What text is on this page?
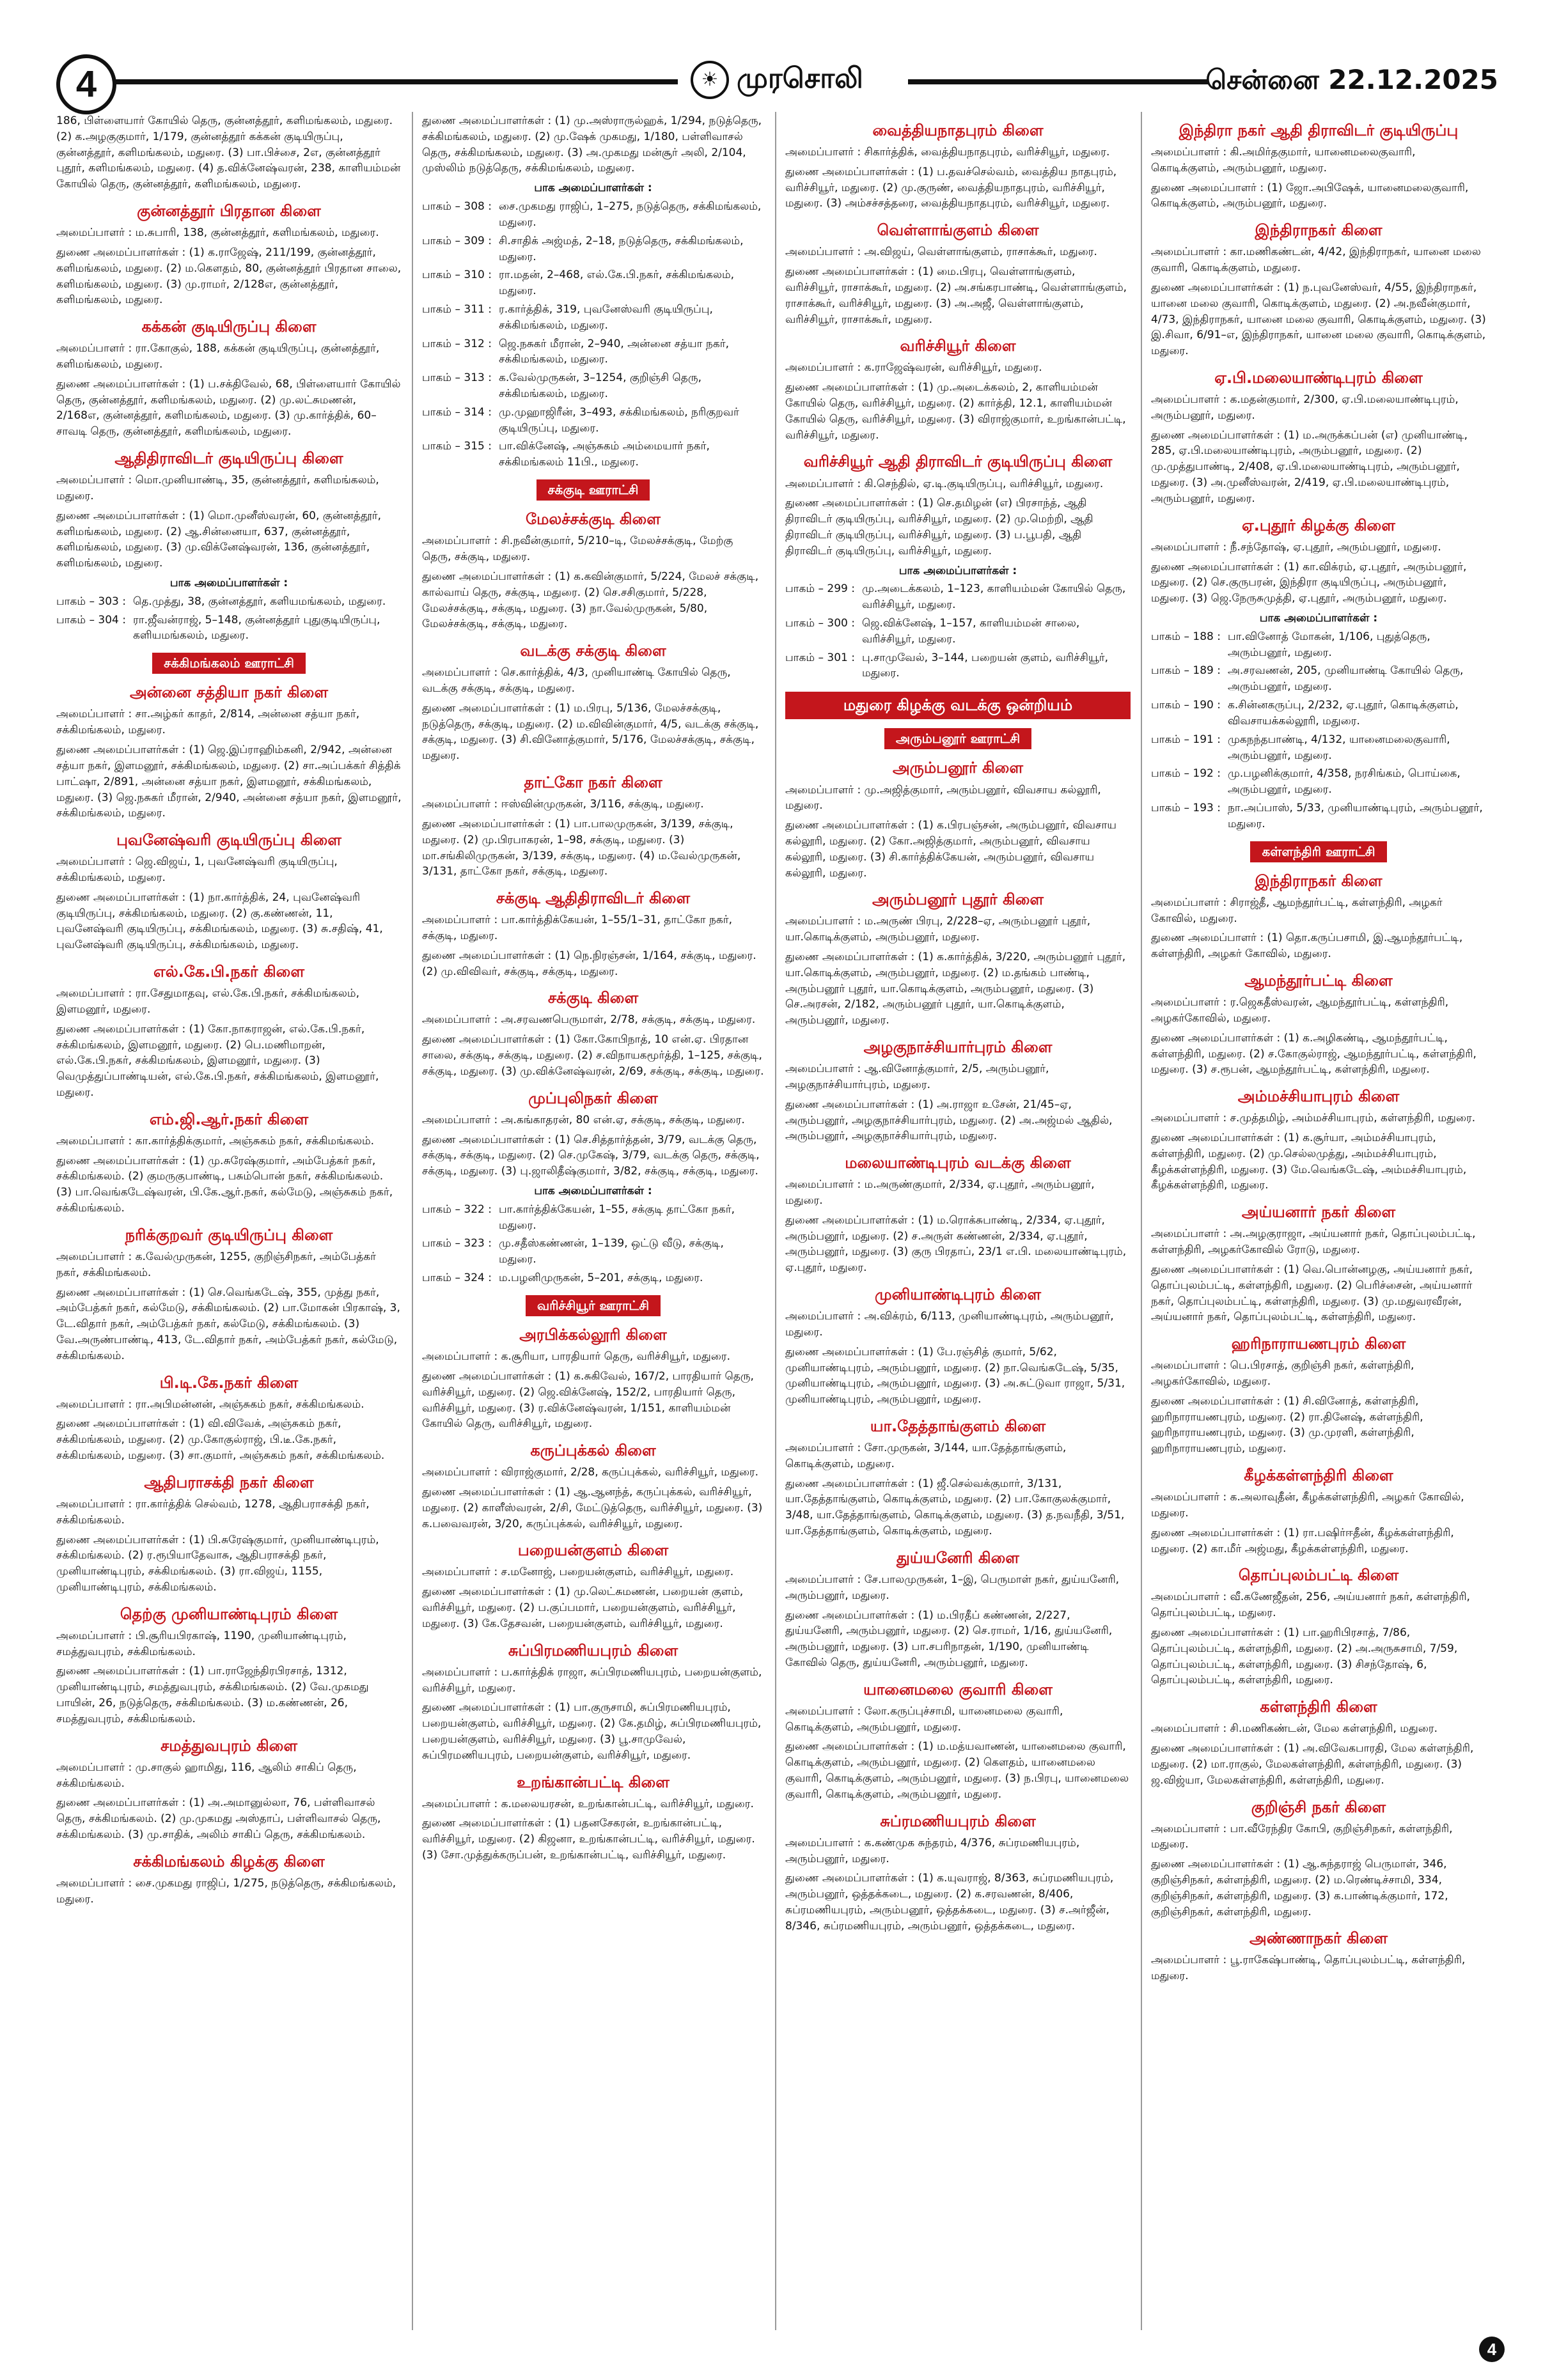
4	☀ முரசொலி	சென்னை 22.12.2025

186, பிள்ளையார் கோயில் தெரு, குன்னத்தூர், களிமங்கலம், மதுரை. (2) க.அழகுகுமார், 1/179, குன்னத்தூர் கக்கன் குடியிருப்பு, குன்னத்தூர், களிமங்கலம், மதுரை. (3) பா.பிச்சை, 2எ, குன்னத்தூர் புதூர், களிமங்கலம், மதுரை. (4) த.விக்னேஷ்வரன், 238, காளியம்மன் கோயில் தெரு, குன்னத்தூர், களிமங்கலம், மதுரை.

குன்னத்தூர் பிரதான கிளை

அமைப்பாளர் : ம.சுபாரி, 138, குன்னத்தூர், களிமங்கலம், மதுரை.

துணை அமைப்பாளர்கள் : (1) க.ராஜேஷ், 211/199, குன்னத்தூர், களிமங்கலம், மதுரை. (2) ம.கௌதம், 80, குன்னத்தூர் பிரதான சாலை, களிமங்கலம், மதுரை. (3) மு.ராமர், 2/128எ, குன்னத்தூர், களிமங்கலம், மதுரை.

கக்கன் குடியிருப்பு கிளை

அமைப்பாளர் : ரா.கோகுல், 188, கக்கன் குடியிருப்பு, குன்னத்தூர், களிமங்கலம், மதுரை.

துணை அமைப்பாளர்கள் : (1) ப.சக்திவேல், 68, பிள்ளையார் கோயில் தெரு, குன்னத்தூர், களிமங்கலம், மதுரை. (2) மு.லட்சுமணன், 2/168எ, குன்னத்தூர், களிமங்கலம், மதுரை. (3) மு.கார்த்திக், 60–சாவடி தெரு, குன்னத்தூர், களிமங்கலம், மதுரை.

ஆதிதிராவிடர் குடியிருப்பு கிளை

அமைப்பாளர் : மொ.முனியாண்டி, 35, குன்னத்தூர், களிமங்கலம், மதுரை.

துணை அமைப்பாளர்கள் : (1) மொ.முனீஸ்வரன், 60, குன்னத்தூர், களிமங்கலம், மதுரை. (2) ஆ.சின்னையா, 637, குன்னத்தூர், களிமங்கலம், மதுரை. (3) மு.விக்னேஷ்வரன், 136, குன்னத்தூர், களிமங்கலம், மதுரை.

பாக அமைப்பாளர்கள் :
பாகம் – 303 : தெ.முத்து, 38, குன்னத்தூர், களியமங்கலம், மதுரை.
பாகம் – 304 : ரா.ஜீவன்ராஜ், 5–148, குன்னத்தூர் புதுகுடியிருப்பு, களியமங்கலம், மதுரை.
சக்கிமங்கலம் ஊராட்சி
அன்னை சத்தியா நகர் கிளை

அமைப்பாளர் : சா.அழ்கர் காதர், 2/814, அன்னை சத்யா நகர், சக்கிமங்கலம், மதுரை.

துணை அமைப்பாளர்கள் : (1) ஜெ.இப்ராஹிம்கனி, 2/942, அன்னை சத்யா நகர், இளமனூர், சக்கிமங்கலம், மதுரை. (2) சா.அப்பக்கர் சித்திக் பாட்ஷா, 2/891, அன்னை சத்யா நகர், இளமனூர், சக்கிமங்கலம், மதுரை. (3) ஜெ.நசுகர் மீரான், 2/940, அன்னை சத்யா நகர், இளமனூர், சக்கிமங்கலம், மதுரை.

புவனேஷ்வரி குடியிருப்பு கிளை

அமைப்பாளர் : ஜெ.விஜய், 1, புவனேஷ்வரி குடியிருப்பு, சக்கிமங்கலம், மதுரை.

துணை அமைப்பாளர்கள் : (1) நா.கார்த்திக், 24, புவனேஷ்வரி குடியிருப்பு, சக்கிமங்கலம், மதுரை. (2) கு.கண்ணன், 11, புவனேஷ்வரி குடியிருப்பு, சக்கிமங்கலம், மதுரை. (3) சு.சதிஷ், 41, புவனேஷ்வரி குடியிருப்பு, சக்கிமங்கலம், மதுரை.

எல்.கே.பி.நகர் கிளை

அமைப்பாளர் : ரா.சேதுமாதவு, எல்.கே.பி.நகர், சக்கிமங்கலம், இளமனூர், மதுரை.

துணை அமைப்பாளர்கள் : (1) கோ.நாகராஜன், எல்.கே.பி.நகர், சக்கிமங்கலம், இளமனூர், மதுரை. (2) பெ.மணிமாறன், எல்.கே.பி.நகர், சக்கிமங்கலம், இளமனூர், மதுரை. (3) வெமுத்துப்பாண்டியன், எல்.கே.பி.நகர், சக்கிமங்கலம், இளமனூர், மதுரை.

எம்.ஜி.ஆர்.நகர் கிளை

அமைப்பாளர் : கா.கார்த்திக்குமார், அஞ்சுகம் நகர், சக்கிமங்கலம்.

துணை அமைப்பாளர்கள் : (1) மு.சுரேஷ்குமார், அம்பேத்கர் நகர், சக்கிமங்கலம். (2) குமருகுபாண்டி, பசும்பொன் நகர், சக்கிமங்கலம். (3) பா.வெங்கடேஷ்வரன், பி.கே.ஆர்.நகர், கல்மேடு, அஞ்சுகம் நகர், சக்கிமங்கலம்.

நரிக்குறவர் குடியிருப்பு கிளை

அமைப்பாளர் : க.வேல்முருகன், 1255, குறிஞ்சிநகர், அம்பேத்கர் நகர், சக்கிமங்கலம்.

துணை அமைப்பாளர்கள் : (1) செ.வெங்கடேஷ், 355, முத்து நகர், அம்பேத்கர் நகர், கல்மேடு, சக்கிமங்கலம். (2) பா.மோகன் பிரகாஷ், 3, டே.விதார் நகர், அம்பேத்கர் நகர், கல்மேடு, சக்கிமங்கலம். (3) வே.அருண்பாண்டி, 413, டே.விதார் நகர், அம்பேத்கர் நகர், கல்மேடு, சக்கிமங்கலம்.

பி.டி.கே.நகர் கிளை

அமைப்பாளர் : ரா.அபிமன்னன், அஞ்சுகம் நகர், சக்கிமங்கலம்.

துணை அமைப்பாளர்கள் : (1) வி.விவேக், அஞ்சுகம் நகர், சக்கிமங்கலம், மதுரை. (2) மு.கோகுல்ராஜ், பி.டீ.கே.நகர், சக்கிமங்கலம், மதுரை. (3) சா.குமார், அஞ்சுகம் நகர், சக்கிமங்கலம்.

ஆதிபராசக்தி நகர் கிளை

அமைப்பாளர் : ரா.கார்த்திக் செல்வம், 1278, ஆதிபராசக்தி நகர், சக்கிமங்கலம்.

துணை அமைப்பாளர்கள் : (1) பி.சுரேஷ்குமார், முனியாண்டிபுரம், சக்கிமங்கலம். (2) ர.ரூபியாதேவாசு, ஆதிபராசக்தி நகர், முனியாண்டிபுரம், சக்கிமங்கலம். (3) ரா.விஜய், 1155, முனியாண்டிபுரம், சக்கிமங்கலம்.

தெற்கு முனியாண்டிபுரம் கிளை

அமைப்பாளர் : பி.சூரியபிரகாஷ், 1190, முனியாண்டிபுரம், சமத்துவபுரம், சக்கிமங்கலம்.

துணை அமைப்பாளர்கள் : (1) பா.ராஜேந்திரபிரசாத், 1312, முனியாண்டிபுரம், சமத்துவபுரம், சக்கிமங்கலம். (2) வே.முகமது பாயின், 26, நடுத்தெரு, சக்கிமங்கலம். (3) ம.கண்ணன், 26, சமத்துவபுரம், சக்கிமங்கலம்.

சமத்துவபுரம் கிளை

அமைப்பாளர் : மு.சாகுல் ஹாமிது, 116, ஆலிம் சாகிப் தெரு, சக்கிமங்கலம்.

துணை அமைப்பாளர்கள் : (1) அ.அமானுல்லா, 76, பள்ளிவாசல் தெரு, சக்கிமங்கலம். (2) மு.முகமது அஸ்தாப், பள்ளிவாசல் தெரு, சக்கிமங்கலம். (3) மு.சாதிக், அலிம் சாகிப் தெரு, சக்கிமங்கலம்.

சக்கிமங்கலம் கிழக்கு கிளை

அமைப்பாளர் : சை.முகமது ராஜிப், 1/275, நடுத்தெரு, சக்கிமங்கலம், மதுரை.

துணை அமைப்பாளர்கள் : (1) மு.அஸ்ராருல்ஹக், 1/294, நடுத்தெரு, சக்கிமங்கலம், மதுரை. (2) மு.ஷேக் முகமது, 1/180, பள்ளிவாசல் தெரு, சக்கிமங்கலம், மதுரை. (3) அ.முகமது மன்சூர் அலி, 2/104, முஸ்லிம் நடுத்தெரு, சக்கிமங்கலம், மதுரை.

பாக அமைப்பாளர்கள் :
பாகம் – 308 : சை.முகமது ராஜிப், 1–275, நடுத்தெரு, சக்கிமங்கலம், மதுரை.
பாகம் – 309 : சி.சாதிக் அஜ்மத், 2–18, நடுத்தெரு, சக்கிமங்கலம், மதுரை.
பாகம் – 310 : ரா.மதன், 2–468, எல்.கே.பி.நகர், சக்கிமங்கலம், மதுரை.
பாகம் – 311 : ர.கார்த்திக், 319, புவனேஸ்வரி குடியிருப்பு, சக்கிமங்கலம், மதுரை.
பாகம் – 312 : ஜெ.நசுகர் மீரான், 2–940, அன்னை சத்யா நகர், சக்கிமங்கலம், மதுரை.
பாகம் – 313 : க.வேல்முருகன், 3–1254, குறிஞ்சி தெரு, சக்கிமங்கலம், மதுரை.
பாகம் – 314 : மு.முஹாஜிரீன், 3–493, சக்கிமங்கலம், நரிகுறவர் குடியிருப்பு, மதுரை.
பாகம் – 315 : பா.விக்னேஷ், அஞ்சுகம் அம்மையார் நகர், சக்கிமங்கலம் 11பி., மதுரை.
சக்குடி ஊராட்சி
மேலச்சக்குடி கிளை

அமைப்பாளர் : சி.நவீன்குமார், 5/210–டி, மேலச்சக்குடி, மேற்கு தெரு, சக்குடி, மதுரை.

துணை அமைப்பாளர்கள் : (1) க.கவின்குமார், 5/224, மேலச் சக்குடி, கால்வாய் தெரு, சக்குடி, மதுரை. (2) செ.சசிகுமார், 5/228, மேலச்சக்குடி, சக்குடி, மதுரை. (3) நா.வேல்முருகன், 5/80, மேலச்சக்குடி, சக்குடி, மதுரை.

வடக்கு சக்குடி கிளை

அமைப்பாளர் : செ.கார்த்திக், 4/3, முனியாண்டி கோயில் தெரு, வடக்கு சக்குடி, சக்குடி, மதுரை.

துணை அமைப்பாளர்கள் : (1) ம.பிரபு, 5/136, மேலச்சக்குடி, நடுத்தெரு, சக்குடி, மதுரை. (2) ம.விவின்குமார், 4/5, வடக்கு சக்குடி, சக்குடி, மதுரை. (3) சி.வினோத்குமார், 5/176, மேலச்சக்குடி, சக்குடி, மதுரை.

தாட்கோ நகர் கிளை

அமைப்பாளர் : ஈஸ்வின்முருகன், 3/116, சக்குடி, மதுரை.

துணை அமைப்பாளர்கள் : (1) பா.பாலமுருகன், 3/139, சக்குடி, மதுரை. (2) மு.பிரபாகரன், 1–98, சக்குடி, மதுரை. (3) மா.சங்கிலிமுருகன், 3/139, சக்குடி, மதுரை. (4) ம.வேல்முருகன், 3/131, தாட்கோ நகர், சக்குடி, மதுரை.

சக்குடி ஆதிதிராவிடர் கிளை

அமைப்பாளர் : பா.கார்த்திக்கேயன், 1–55/1–31, தாட்கோ நகர், சக்குடி, மதுரை.

துணை அமைப்பாளர்கள் : (1) நெ.நிரஞ்சன், 1/164, சக்குடி, மதுரை. (2) மு.விவிவர், சக்குடி, சக்குடி, மதுரை.

சக்குடி கிளை

அமைப்பாளர் : அ.சரவணபெருமாள், 2/78, சக்குடி, சக்குடி, மதுரை.

துணை அமைப்பாளர்கள் : (1) கோ.கோபிநாத், 10 என்.ஏ. பிரதான சாலை, சக்குடி, சக்குடி, மதுரை. (2) ச.விநாயகமூர்த்தி, 1–125, சக்குடி, சக்குடி, மதுரை. (3) மு.விக்னேஷ்வரன், 2/69, சக்குடி, சக்குடி, மதுரை.

முப்புலிநகர் கிளை

அமைப்பாளர் : அ.கங்காதரன், 80 என்.ஏ, சக்குடி, சக்குடி, மதுரை.

துணை அமைப்பாளர்கள் : (1) செ.சித்தார்த்தன், 3/79, வடக்கு தெரு, சக்குடி, சக்குடி, மதுரை. (2) செ.முகேஷ், 3/79, வடக்கு தெரு, சக்குடி, சக்குடி, மதுரை. (3) பு.ஜாலிதீஷ்குமார், 3/82, சக்குடி, சக்குடி, மதுரை.

பாக அமைப்பாளர்கள் :
பாகம் – 322 : பா.கார்த்திக்கேயன், 1–55, சக்குடி தாட்கோ நகர், மதுரை.
பாகம் – 323 : மு.சதீஸ்கண்ணன், 1–139, ஒட்டு வீடு, சக்குடி, மதுரை.
பாகம் – 324 : ம.பழனிமுருகன், 5–201, சக்குடி, மதுரை.
வரிச்சியூர் ஊராட்சி
அரபிக்கல்லூரி கிளை

அமைப்பாளர் : க.சூரியா, பாரதியார் தெரு, வரிச்சியூர், மதுரை.

துணை அமைப்பாளர்கள் : (1) க.சுகிவேல், 167/2, பாரதியார் தெரு, வரிச்சியூர், மதுரை. (2) ஜெ.விக்னேஷ், 152/2, பாரதியார் தெரு, வரிச்சியூர், மதுரை. (3) ர.விக்னேஷ்வரன், 1/151, காளியம்மன் கோயில் தெரு, வரிச்சியூர், மதுரை.

கருப்புக்கல் கிளை

அமைப்பாளர் : விராஜ்குமார், 2/28, கருப்புக்கல், வரிச்சியூர், மதுரை.

துணை அமைப்பாளர்கள் : (1) ஆ.ஆனந்த், கருப்புக்கல், வரிச்சியூர், மதுரை. (2) காளீஸ்வரன், 2/சி, மேட்டுத்தெரு, வரிச்சியூர், மதுரை. (3) க.பவைவரன், 3/20, கருப்புக்கல், வரிச்சியூர், மதுரை.

பறையன்குளம் கிளை

அமைப்பாளர் : ச.மனோஜ், பறையன்குளம், வரிச்சியூர், மதுரை.

துணை அமைப்பாளர்கள் : (1) மு.லெட்சுமணன், பறையன் குளம், வரிச்சியூர், மதுரை. (2) ப.குப்பமார், பறையன்குளம், வரிச்சியூர், மதுரை. (3) கே.தேசவன், பறையன்குளம், வரிச்சியூர், மதுரை.

சுப்பிரமணியபுரம் கிளை

அமைப்பாளர் : ப.கார்த்திக் ராஜா, சுப்பிரமணியபுரம், பறையன்குளம், வரிச்சியூர், மதுரை.

துணை அமைப்பாளர்கள் : (1) பா.குருசாமி, சுப்பிரமணியபுரம், பறையன்குளம், வரிச்சியூர், மதுரை. (2) கே.தமிழ், சுப்பிரமணியபுரம், பறையன்குளம், வரிச்சியூர், மதுரை. (3) பூ.சாமுவேல், சுப்பிரமணியபுரம், பறையன்குளம், வரிச்சியூர், மதுரை.

உறங்கான்பட்டி கிளை

அமைப்பாளர் : க.மலையரசன், உறங்கான்பட்டி, வரிச்சியூர், மதுரை.

துணை அமைப்பாளர்கள் : (1) பதனசேகரன், உறங்கான்பட்டி, வரிச்சியூர், மதுரை. (2) கிஜனா, உறங்கான்பட்டி, வரிச்சியூர், மதுரை. (3) சோ.முத்துக்கருப்பன், உறங்கான்பட்டி, வரிச்சியூர், மதுரை.

வைத்தியநாதபுரம் கிளை

அமைப்பாளர் : சிகார்த்திக், வைத்தியநாதபுரம், வரிச்சியூர், மதுரை.

துணை அமைப்பாளர்கள் : (1) ப.தவச்செல்வம், வைத்திய நாதபுரம், வரிச்சியூர், மதுரை. (2) மு.குருண், வைத்தியநாதபுரம், வரிச்சியூர், மதுரை. (3) அம்சச்சத்தரை, வைத்தியநாதபுரம், வரிச்சியூர், மதுரை.

வெள்ளாங்குளம் கிளை

அமைப்பாளர் : அ.விஜய், வெள்ளாங்குளம், ராசாக்கூர், மதுரை.

துணை அமைப்பாளர்கள் : (1) மை.பிரபு, வெள்ளாங்குளம், வரிச்சியூர், ராசாக்கூர், மதுரை. (2) அ.சங்கரபாண்டி, வெள்ளாங்குளம், ராசாக்கூர், வரிச்சியூர், மதுரை. (3) அ.அஜீ, வெள்ளாங்குளம், வரிச்சியூர், ராசாக்கூர், மதுரை.

வரிச்சியூர் கிளை

அமைப்பாளர் : க.ராஜேஷ்வரன், வரிச்சியூர், மதுரை.

துணை அமைப்பாளர்கள் : (1) மு.அடைக்கலம், 2, காளியம்மன் கோயில் தெரு, வரிச்சியூர், மதுரை. (2) கார்த்தி, 12.1, காளியம்மன் கோயில் தெரு, வரிச்சியூர், மதுரை. (3) விராஜ்குமார், உறங்கான்பட்டி, வரிச்சியூர், மதுரை.

வரிச்சியூர் ஆதி திராவிடர் குடியிருப்பு கிளை

அமைப்பாளர் : கி.செந்தில், ஏ.டி.குடியிருப்பு, வரிச்சியூர், மதுரை.

துணை அமைப்பாளர்கள் : (1) செ.தமிழன் (எ) பிரசாந்த், ஆதி திராவிடர் குடியிருப்பு, வரிச்சியூர், மதுரை. (2) மு.மெற்றி, ஆதி திராவிடர் குடியிருப்பு, வரிச்சியூர், மதுரை. (3) ப.பூபதி, ஆதி திராவிடர் குடியிருப்பு, வரிச்சியூர், மதுரை.

பாக அமைப்பாளர்கள் :
பாகம் – 299 : மு.அடைக்கலம், 1–123, காளியம்மன் கோயில் தெரு, வரிச்சியூர், மதுரை.
பாகம் – 300 : ஜெ.விக்னேஷ், 1–157, காளியம்மன் சாலை, வரிச்சியூர், மதுரை.
பாகம் – 301 : பு.சாமுவேல், 3–144, பறையன் குளம், வரிச்சியூர், மதுரை.
மதுரை கிழக்கு வடக்கு ஒன்றியம்
அரும்பனூர் ஊராட்சி
அரும்பனூர் கிளை

அமைப்பாளர் : மு.அஜித்குமார், அரும்பனூர், விவசாய கல்லூரி, மதுரை.

துணை அமைப்பாளர்கள் : (1) க.பிரபஞ்சன், அரும்பனூர், விவசாய கல்லூரி, மதுரை. (2) கோ.அஜித்குமார், அரும்பனூர், விவசாய கல்லூரி, மதுரை. (3) சி.கார்த்திக்கேயன், அரும்பனூர், விவசாய கல்லூரி, மதுரை.

அரும்பனூர் புதூர் கிளை

அமைப்பாளர் : ம.அருண் பிரபு, 2/228–ஏ, அரும்பனூர் புதூர், யா.கொடிக்குளம், அரும்பனூர், மதுரை.

துணை அமைப்பாளர்கள் : (1) க.கார்த்திக், 3/220, அரும்பனூர் புதூர், யா.கொடிக்குளம், அரும்பனூர், மதுரை. (2) ம.தங்கம் பாண்டி, அரும்பனூர் புதூர், யா.கொடிக்குளம், அரும்பனூர், மதுரை. (3) செ.அரசன், 2/182, அரும்பனூர் புதூர், யா.கொடிக்குளம், அரும்பனூர், மதுரை.

அழகுநாச்சியார்புரம் கிளை

அமைப்பாளர் : ஆ.வினோத்குமார், 2/5, அரும்பனூர், அழகுநாச்சியார்புரம், மதுரை.

துணை அமைப்பாளர்கள் : (1) அ.ராஜா உசேன், 21/45–ஏ, அரும்பனூர், அழகுநாச்சியார்புரம், மதுரை. (2) அ.அஜ்மல் ஆதில், அரும்பனூர், அழகுநாச்சியார்புரம், மதுரை.

மலையாண்டிபுரம் வடக்கு கிளை

அமைப்பாளர் : ம.அருண்குமார், 2/334, ஏ.புதூர், அரும்பனூர், மதுரை.

துணை அமைப்பாளர்கள் : (1) ம.ரொக்சுபாண்டி, 2/334, ஏ.புதூர், அரும்பனூர், மதுரை. (2) ச.அருள் கண்ணன், 2/334, ஏ.புதூர், அரும்பனூர், மதுரை. (3) குரு பிரதாப், 23/1 எ.பி. மலையாண்டிபுரம், ஏ.புதூர், மதுரை.

முனியாண்டிபுரம் கிளை

அமைப்பாளர் : அ.விக்ரம், 6/113, முனியாண்டிபுரம், அரும்பனூர், மதுரை.

துணை அமைப்பாளர்கள் : (1) பே.ரஞ்சித் குமார், 5/62, முனியாண்டிபுரம், அரும்பனூர், மதுரை. (2) நா.வெங்கடேஷ், 5/35, முனியாண்டிபுரம், அரும்பனூர், மதுரை. (3) அ.சுட்டுவா ராஜா, 5/31, முனியாண்டிபுரம், அரும்பனூர், மதுரை.

யா.தேத்தாங்குளம் கிளை

அமைப்பாளர் : சோ.முருகன், 3/144, யா.தேத்தாங்குளம், கொடிக்குளம், மதுரை.

துணை அமைப்பாளர்கள் : (1) ஜீ.செல்வக்குமார், 3/131, யா.தேத்தாங்குளம், கொடிக்குளம், மதுரை. (2) பா.கோகுலக்குமார், 3/48, யா.தேத்தாங்குளம், கொடிக்குளம், மதுரை. (3) த.நவநீதி, 3/51, யா.தேத்தாங்குளம், கொடிக்குளம், மதுரை.

துய்யனேரி கிளை

அமைப்பாளர் : சே.பாலமுருகன், 1–இ, பெருமாள் நகர், துய்யனேரி, அரும்பனூர், மதுரை.

துணை அமைப்பாளர்கள் : (1) ம.பிரதீப் கண்ணன், 2/227, துய்யனேரி, அரும்பனூர், மதுரை. (2) செ.ராமர், 1/16, துய்யனேரி, அரும்பனூர், மதுரை. (3) பா.சபரிநாதன், 1/190, முனியாண்டி கோவில் தெரு, துய்யனேரி, அரும்பனூர், மதுரை.

யானைமலை குவாரி கிளை

அமைப்பாளர் : லோ.கருப்புச்சாமி, யானைமலை குவாரி, கொடிக்குளம், அரும்பனூர், மதுரை.

துணை அமைப்பாளர்கள் : (1) ம.மத்யவாணன், யானைமலை குவாரி, கொடிக்குளம், அரும்பனூர், மதுரை. (2) கௌதம், யானைமலை குவாரி, கொடிக்குளம், அரும்பனூர், மதுரை. (3) ந.பிரபு, யானைமலை குவாரி, கொடிக்குளம், அரும்பனூர், மதுரை.

சுப்ரமணியபுரம் கிளை

அமைப்பாளர் : க.கண்முக சுந்தரம், 4/376, சுப்ரமணியபுரம், அரும்பனூர், மதுரை.

துணை அமைப்பாளர்கள் : (1) க.யுவராஜ், 8/363, சுப்ரமணியபுரம், அரும்பனூர், ஒத்தக்கடை, மதுரை. (2) க.சரவணன், 8/406, சுப்ரமணியபுரம், அரும்பனூர், ஒத்தக்கடை, மதுரை. (3) ச.அர்ஜீன், 8/346, சுப்ரமணியபுரம், அரும்பனூர், ஒத்தக்கடை, மதுரை.

இந்திரா நகர் ஆதி திராவிடர் குடியிருப்பு

அமைப்பாளர் : கி.அமிர்தகுமார், யானைமலைகுவாரி, கொடிக்குளம், அரும்பனூர், மதுரை.

துணை அமைப்பாளர் : (1) ஜோ.அபிஷேக், யானைமலைகுவாரி, கொடிக்குளம், அரும்பனூர், மதுரை.

இந்திராநகர் கிளை

அமைப்பாளர் : கா.மணிகண்டன், 4/42, இந்திராநகர், யானை மலை குவாரி, கொடிக்குளம், மதுரை.

துணை அமைப்பாளர்கள் : (1) ந.புவனேஸ்வர், 4/55, இந்திராநகர், யானை மலை குவாரி, கொடிக்குளம், மதுரை. (2) அ.நவீன்குமார், 4/73, இந்திராநகர், யானை மலை குவாரி, கொடிக்குளம், மதுரை. (3) இ.சிவா, 6/91–எ, இந்திராநகர், யானை மலை குவாரி, கொடிக்குளம், மதுரை.

ஏ.பி.மலையாண்டிபுரம் கிளை

அமைப்பாளர் : க.மதன்குமார், 2/300, ஏ.பி.மலையாண்டிபுரம், அரும்பனூர், மதுரை.

துணை அமைப்பாளர்கள் : (1) ம.அருக்கப்பன் (எ) முனியாண்டி, 285, ஏ.பி.மலையாண்டிபுரம், அரும்பனூர், மதுரை. (2) மு.முத்துபாண்டி, 2/408, ஏ.பி.மலையாண்டிபுரம், அரும்பனூர், மதுரை. (3) அ.முனீஸ்வரன், 2/419, ஏ.பி.மலையாண்டிபுரம், அரும்பனூர், மதுரை.

ஏ.புதூர் கிழக்கு கிளை

அமைப்பாளர் : நீ.சந்தோஷ், ஏ.புதூர், அரும்பனூர், மதுரை.

துணை அமைப்பாளர்கள் : (1) கா.விக்ரம், ஏ.புதூர், அரும்பனூர், மதுரை. (2) செ.குருபரன், இந்திரா குடியிருப்பு, அரும்பனூர், மதுரை. (3) ஜெ.நேருசுமுத்தி, ஏ.புதூர், அரும்பனூர், மதுரை.

பாக அமைப்பாளர்கள் :
பாகம் – 188 : பா.வினோத் மோகன், 1/106, புதுத்தெரு, அரும்பனூர், மதுரை.
பாகம் – 189 : அ.சரவணன், 205, முனியாண்டி கோயில் தெரு, அரும்பனூர், மதுரை.
பாகம் – 190 : க.சின்னகருப்பு, 2/232, ஏ.புதூர், கொடிக்குளம், விவசாயக்கல்லூரி, மதுரை.
பாகம் – 191 : முகநந்தபாண்டி, 4/132, யானைமலைகுவாரி, அரும்பனூர், மதுரை.
பாகம் – 192 : மு.பழனிக்குமார், 4/358, நரசிங்கம், பொய்கை, அரும்பனூர், மதுரை.
பாகம் – 193 : நா.அப்பாஸ், 5/33, முனியாண்டிபுரம், அரும்பனூர், மதுரை.
கள்ளந்திரி ஊராட்சி
இந்திராநகர் கிளை

அமைப்பாளர் : சிராஜ்தீ, ஆமந்தூர்பட்டி, கள்ளந்திரி, அழகர் கோவில், மதுரை.

துணை அமைப்பாளர் : (1) தொ.கருப்பசாமி, இ.ஆமந்தூர்பட்டி, கள்ளந்திரி, அழகர் கோவில், மதுரை.

ஆமந்தூர்பட்டி கிளை

அமைப்பாளர் : ர.ஜெகதீஸ்வரன், ஆமந்தூர்பட்டி, கள்ளந்திரி, அழகர்கோவில், மதுரை.

துணை அமைப்பாளர்கள் : (1) க.அழிகண்டி, ஆமந்தூர்பட்டி, கள்ளந்திரி, மதுரை. (2) ச.கோகுல்ராஜ், ஆமந்தூர்பட்டி, கள்ளந்திரி, மதுரை. (3) ச.ரூபன், ஆமந்தூர்பட்டி, கள்ளந்திரி, மதுரை.

அம்மச்சியாபுரம் கிளை

அமைப்பாளர் : ச.முத்தமிழ், அம்மச்சியாபுரம், கள்ளந்திரி, மதுரை.

துணை அமைப்பாளர்கள் : (1) க.சூர்யா, அம்மச்சியாபுரம், கள்ளந்திரி, மதுரை. (2) மு.செல்லமுத்து, அம்மச்சியாபுரம், கீழக்கள்ளந்திரி, மதுரை. (3) மே.வெங்கடேஷ், அம்மச்சியாபுரம், கீழக்கள்ளந்திரி, மதுரை.

அய்யனார் நகர் கிளை

அமைப்பாளர் : அ.அழகுராஜா, அய்யனார் நகர், தொப்புலம்பட்டி, கள்ளந்திரி, அழகர்கோவில் ரோடு, மதுரை.

துணை அமைப்பாளர்கள் : (1) வெ.பொன்னழகு, அய்யனார் நகர், தொப்புலம்பட்டி, கள்ளந்திரி, மதுரை. (2) பெரிச்சைன், அய்யனார் நகர், தொப்புலம்பட்டி, கள்ளந்திரி, மதுரை. (3) மு.மதுவரவீரன், அய்யனார் நகர், தொப்புலம்பட்டி, கள்ளந்திரி, மதுரை.

ஹரிநாராயணபுரம் கிளை

அமைப்பாளர் : பெ.பிரசாத், குறிஞ்சி நகர், கள்ளந்திரி, அழகர்கோவில், மதுரை.

துணை அமைப்பாளர்கள் : (1) சி.வினோத், கள்ளந்திரி, ஹரிநாராயணபுரம், மதுரை. (2) ரா.தினேஷ், கள்ளந்திரி, ஹரிநாராயணபுரம், மதுரை. (3) மு.முரளி, கள்ளந்திரி, ஹரிநாராயணபுரம், மதுரை.

கீழக்கள்ளந்திரி கிளை

அமைப்பாளர் : க.அலாவுதீன், கீழக்கள்ளந்திரி, அழகர் கோவில், மதுரை.

துணை அமைப்பாளர்கள் : (1) ரா.பஷிர்ஈதீன், கீழக்கள்ளந்திரி, மதுரை. (2) கா.மீர் அஜ்மது, கீழக்கள்ளந்திரி, மதுரை.

தொப்புலம்பட்டி கிளை

அமைப்பாளர் : வீ.கணேஜீதன், 256, அய்யனார் நகர், கள்ளந்திரி, தொப்புலம்பட்டி, மதுரை.

துணை அமைப்பாளர்கள் : (1) பா.ஹரிபிரசாத், 7/86, தொப்புலம்பட்டி, கள்ளந்திரி, மதுரை. (2) அ.அருசுசாமி, 7/59, தொப்புலம்பட்டி, கள்ளந்திரி, மதுரை. (3) சிசந்தோஷ், 6, தொப்புலம்பட்டி, கள்ளந்திரி, மதுரை.

கள்ளந்திரி கிளை

அமைப்பாளர் : சி.மணிகண்டன், மேல கள்ளந்திரி, மதுரை.

துணை அமைப்பாளர்கள் : (1) அ.விவேகபாரதி, மேல கள்ளந்திரி, மதுரை. (2) மா.ராகுல், மேலகள்ளந்திரி, கள்ளந்திரி, மதுரை. (3) ஜ.விஜ்யா, மேலகள்ளந்திரி, கள்ளந்திரி, மதுரை.

குறிஞ்சி நகர் கிளை

அமைப்பாளர் : பா.வீரேந்திர கோபி, குறிஞ்சிநகர், கள்ளந்திரி, மதுரை.

துணை அமைப்பாளர்கள் : (1) ஆ.சுந்தராஜ் பெருமாள், 346, குறிஞ்சிநகர், கள்ளந்திரி, மதுரை. (2) ம.ரெண்டிச்சாமி, 334, குறிஞ்சிநகர், கள்ளந்திரி, மதுரை. (3) க.பாண்டிக்குமார், 172, குறிஞ்சிநகர், கள்ளந்திரி, மதுரை.

அண்ணாநகர் கிளை

அமைப்பாளர் : பூ.ராகேஷ்பாண்டி, தொப்புலம்பட்டி, கள்ளந்திரி, மதுரை.

4
